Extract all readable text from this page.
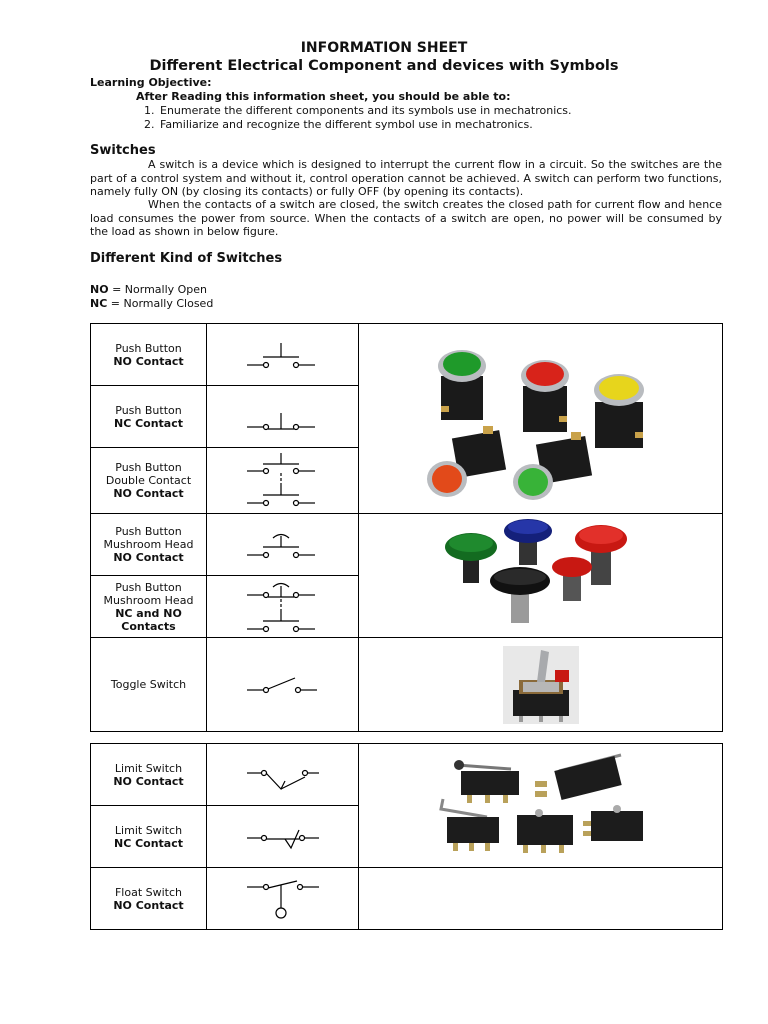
INFORMATION SHEET
Different Electrical Component and devices with Symbols
Learning Objective:
After Reading this information sheet, you should be able to:
1. Enumerate the different components and its symbols use in mechatronics.
2. Familiarize and recognize the different symbol use in mechatronics.
Switches
A switch is a device which is designed to interrupt the current flow in a circuit. So the switches are the part of a control system and without it, control operation cannot be achieved. A switch can perform two functions, namely fully ON (by closing its contacts) or fully OFF (by opening its contacts).
When the contacts of a switch are closed, the switch creates the closed path for current flow and hence load consumes the power from source. When the contacts of a switch are open, no power will be consumed by the load as shown in below figure.
Different Kind of Switches
NO = Normally Open
NC = Normally Closed
Push Button
NO Contact		

Push Button
NC Contact	

Push Button
Double Contact
NO Contact	

Push Button
Mushroom Head
NO Contact		

Push Button
Mushroom Head
NC and NO
Contacts	

Toggle Switch

Limit Switch
NO Contact		

Limit Switch
NC Contact	

Float Switch
NO Contact		
